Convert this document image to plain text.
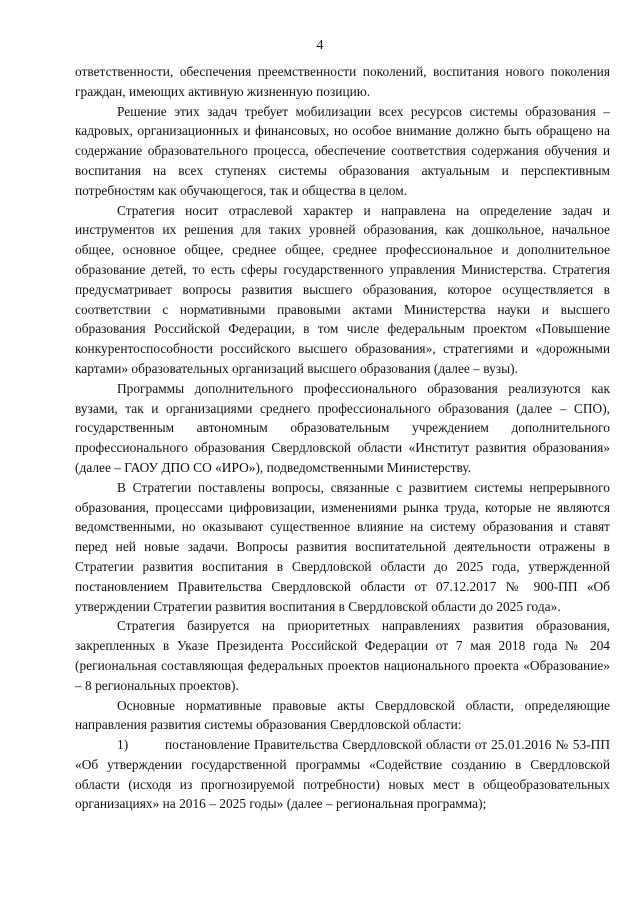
4

ответственности, обеспечения преемственности поколений, воспитания нового поколения граждан, имеющих активную жизненную позицию.

Решение этих задач требует мобилизации всех ресурсов системы образования – кадровых, организационных и финансовых, но особое внимание должно быть обращено на содержание образовательного процесса, обеспечение соответствия содержания обучения и воспитания на всех ступенях системы образования актуальным и перспективным потребностям как обучающегося, так и общества в целом.

Стратегия носит отраслевой характер и направлена на определение задач и инструментов их решения для таких уровней образования, как дошкольное, начальное общее, основное общее, среднее общее, среднее профессиональное и дополнительное образование детей, то есть сферы государственного управления Министерства. Стратегия предусматривает вопросы развития высшего образования, которое осуществляется в соответствии с нормативными правовыми актами Министерства науки и высшего образования Российской Федерации, в том числе федеральным проектом «Повышение конкурентоспособности российского высшего образования», стратегиями и «дорожными картами» образовательных организаций высшего образования (далее – вузы).

Программы дополнительного профессионального образования реализуются как вузами, так и организациями среднего профессионального образования (далее – СПО), государственным автономным образовательным учреждением дополнительного профессионального образования Свердловской области «Институт развития образования» (далее – ГАОУ ДПО СО «ИРО»), подведомственными Министерству.

В Стратегии поставлены вопросы, связанные с развитием системы непрерывного образования, процессами цифровизации, изменениями рынка труда, которые не являются ведомственными, но оказывают существенное влияние на систему образования и ставят перед ней новые задачи. Вопросы развития воспитательной деятельности отражены в Стратегии развития воспитания в Свердловской области до 2025 года, утвержденной постановлением Правительства Свердловской области от 07.12.2017 № 900-ПП «Об утверждении Стратегии развития воспитания в Свердловской области до 2025 года».

Стратегия базируется на приоритетных направлениях развития образования, закрепленных в Указе Президента Российской Федерации от 7 мая 2018 года № 204 (региональная составляющая федеральных проектов национального проекта «Образование» – 8 региональных проектов).

Основные нормативные правовые акты Свердловской области, определяющие направления развития системы образования Свердловской области:

1)	постановление Правительства Свердловской области от 25.01.2016 № 53-ПП «Об утверждении государственной программы «Содействие созданию в Свердловской области (исходя из прогнозируемой потребности) новых мест в общеобразовательных организациях» на 2016 – 2025 годы» (далее – региональная программа);
